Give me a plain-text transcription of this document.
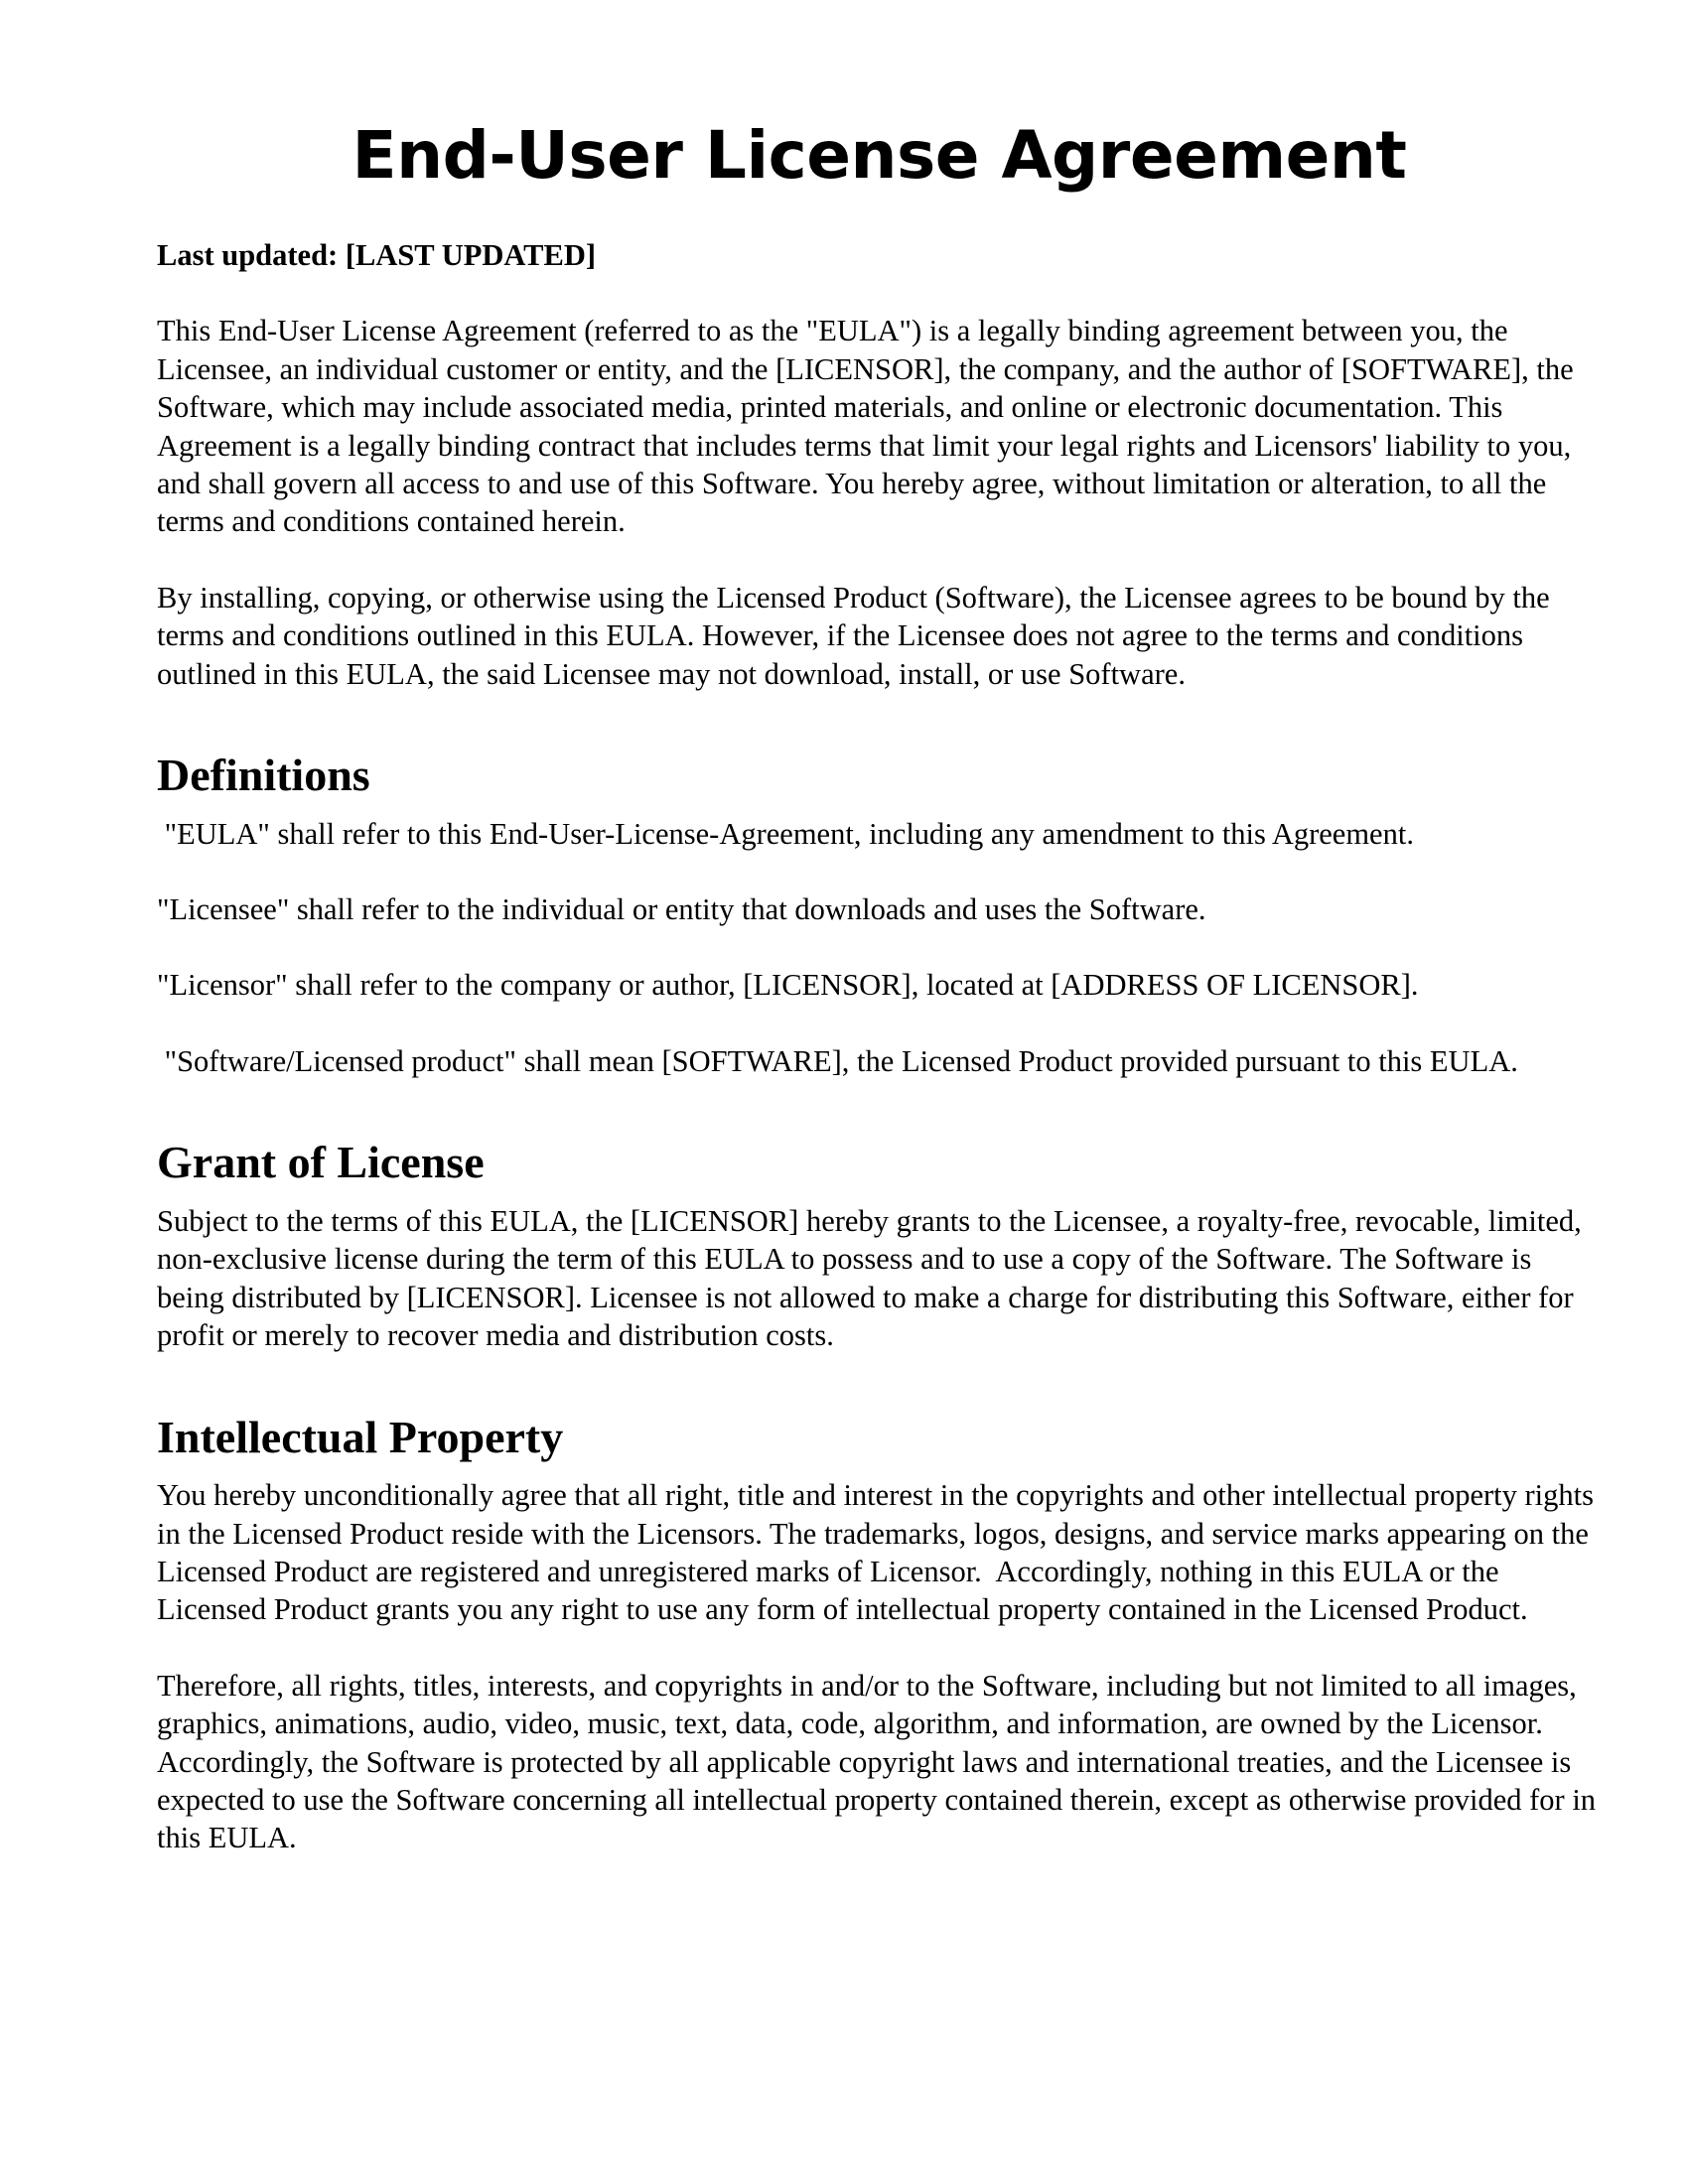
End-User License Agreement

Last updated: [LAST UPDATED]

This End-User License Agreement (referred to as the "EULA") is a legally binding agreement between you, the Licensee, an individual customer or entity, and the [LICENSOR], the company, and the author of [SOFTWARE], the Software, which may include associated media, printed materials, and online or electronic documentation. This Agreement is a legally binding contract that includes terms that limit your legal rights and Licensors' liability to you, and shall govern all access to and use of this Software. You hereby agree, without limitation or alteration, to all the terms and conditions contained herein.

By installing, copying, or otherwise using the Licensed Product (Software), the Licensee agrees to be bound by the terms and conditions outlined in this EULA. However, if the Licensee does not agree to the terms and conditions outlined in this EULA, the said Licensee may not download, install, or use Software.

Definitions

"EULA" shall refer to this End-User-License-Agreement, including any amendment to this Agreement.

"Licensee" shall refer to the individual or entity that downloads and uses the Software.

"Licensor" shall refer to the company or author, [LICENSOR], located at [ADDRESS OF LICENSOR].

"Software/Licensed product" shall mean [SOFTWARE], the Licensed Product provided pursuant to this EULA.

Grant of License

Subject to the terms of this EULA, the [LICENSOR] hereby grants to the Licensee, a royalty-free, revocable, limited, non-exclusive license during the term of this EULA to possess and to use a copy of the Software. The Software is being distributed by [LICENSOR]. Licensee is not allowed to make a charge for distributing this Software, either for profit or merely to recover media and distribution costs.

Intellectual Property

You hereby unconditionally agree that all right, title and interest in the copyrights and other intellectual property rights in the Licensed Product reside with the Licensors. The trademarks, logos, designs, and service marks appearing on the Licensed Product are registered and unregistered marks of Licensor.  Accordingly, nothing in this EULA or the Licensed Product grants you any right to use any form of intellectual property contained in the Licensed Product.

Therefore, all rights, titles, interests, and copyrights in and/or to the Software, including but not limited to all images, graphics, animations, audio, video, music, text, data, code, algorithm, and information, are owned by the Licensor. Accordingly, the Software is protected by all applicable copyright laws and international treaties, and the Licensee is expected to use the Software concerning all intellectual property contained therein, except as otherwise provided for in this EULA.
